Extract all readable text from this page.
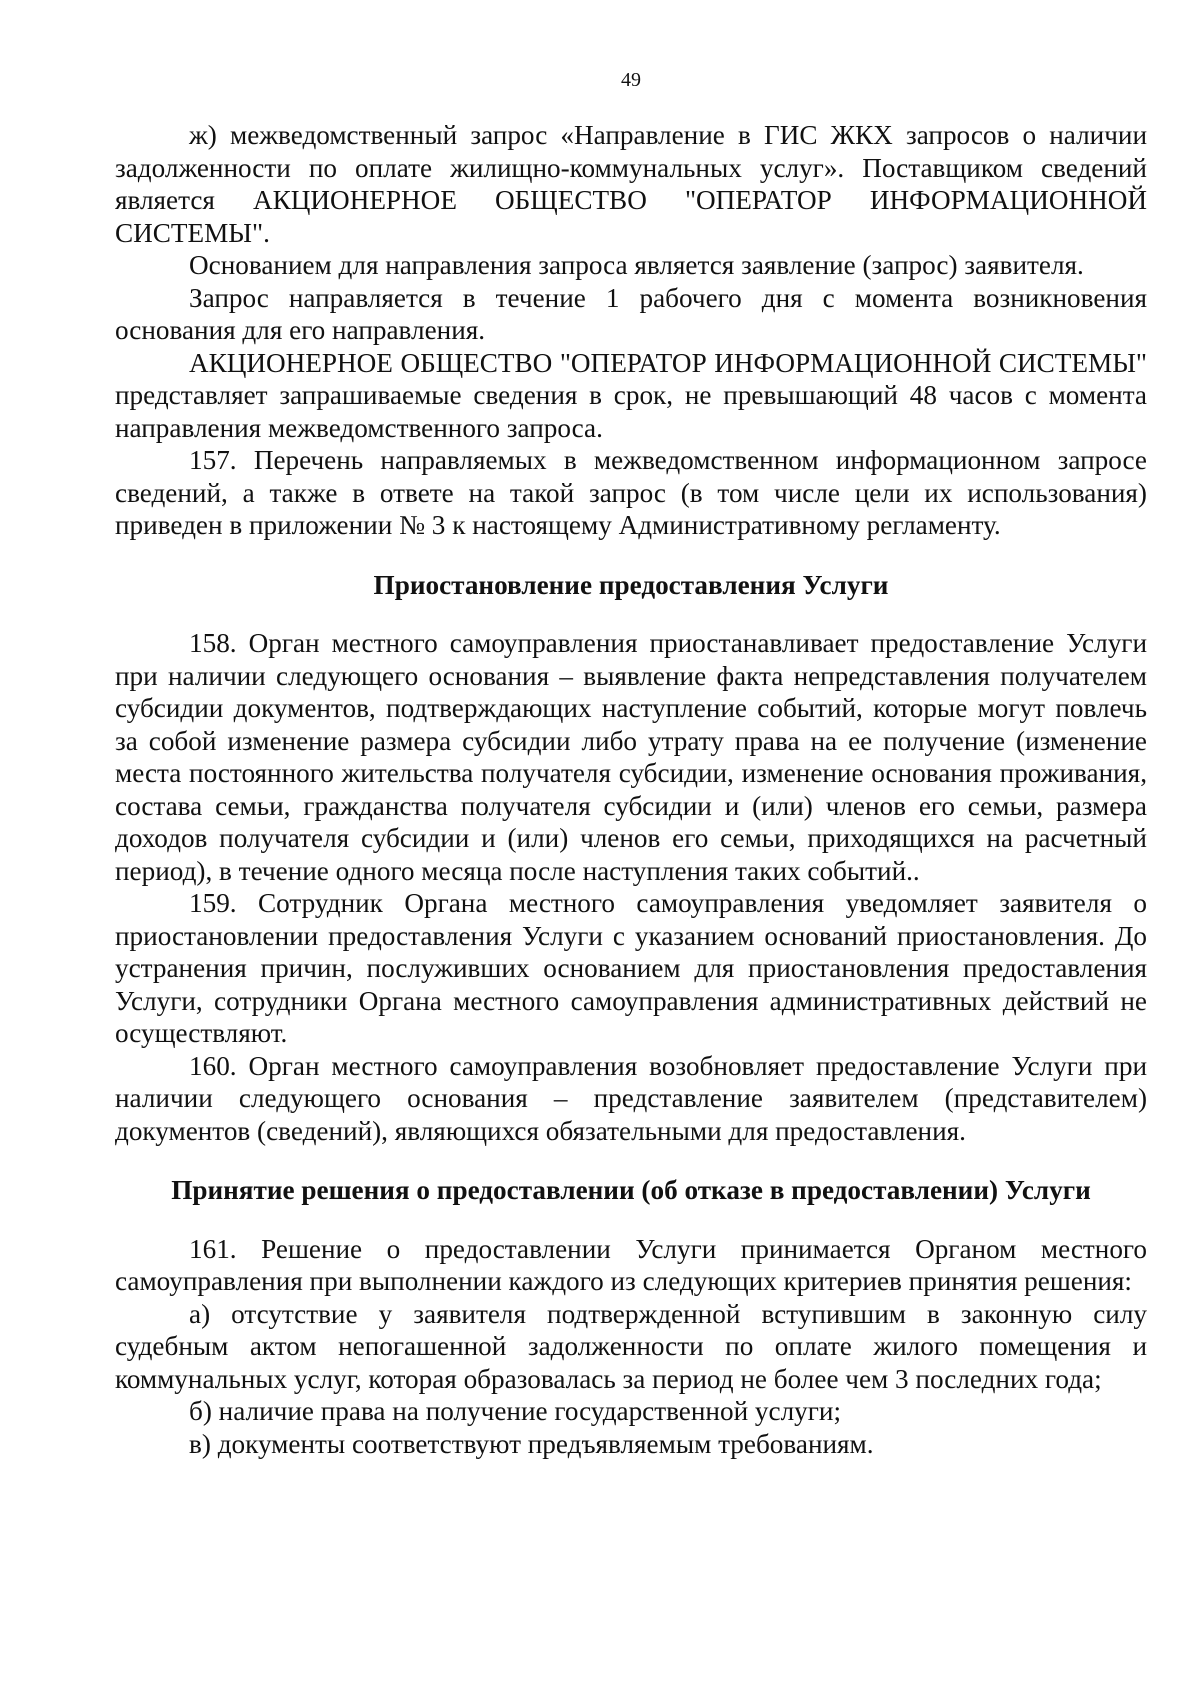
49

ж) межведомственный запрос «Направление в ГИС ЖКХ запросов о наличии задолженности по оплате жилищно-коммунальных услуг». Поставщиком сведений является АКЦИОНЕРНОЕ ОБЩЕСТВО "ОПЕРАТОР ИНФОРМАЦИОННОЙ СИСТЕМЫ".

Основанием для направления запроса является заявление (запрос) заявителя.

Запрос направляется в течение 1 рабочего дня с момента возникновения основания для его направления.

АКЦИОНЕРНОЕ ОБЩЕСТВО "ОПЕРАТОР ИНФОРМАЦИОННОЙ СИСТЕМЫ" представляет запрашиваемые сведения в срок, не превышающий 48 часов с момента направления межведомственного запроса.

157. Перечень направляемых в межведомственном информационном запросе сведений, а также в ответе на такой запрос (в том числе цели их использования) приведен в приложении № 3 к настоящему Административному регламенту.

Приостановление предоставления Услуги

158. Орган местного самоуправления приостанавливает предоставление Услуги при наличии следующего основания – выявление факта непредставления получателем субсидии документов, подтверждающих наступление событий, которые могут повлечь за собой изменение размера субсидии либо утрату права на ее получение (изменение места постоянного жительства получателя субсидии, изменение основания проживания, состава семьи, гражданства получателя субсидии и (или) членов его семьи, размера доходов получателя субсидии и (или) членов его семьи, приходящихся на расчетный период), в течение одного месяца после наступления таких событий..

159. Сотрудник Органа местного самоуправления уведомляет заявителя о приостановлении предоставления Услуги с указанием оснований приостановления. До устранения причин, послуживших основанием для приостановления предоставления Услуги, сотрудники Органа местного самоуправления административных действий не осуществляют.

160. Орган местного самоуправления возобновляет предоставление Услуги при наличии следующего основания – представление заявителем (представителем) документов (сведений), являющихся обязательными для предоставления.

Принятие решения о предоставлении (об отказе в предоставлении) Услуги

161. Решение о предоставлении Услуги принимается Органом местного самоуправления при выполнении каждого из следующих критериев принятия решения:

а) отсутствие у заявителя подтвержденной вступившим в законную силу судебным актом непогашенной задолженности по оплате жилого помещения и коммунальных услуг, которая образовалась за период не более чем 3 последних года;

б) наличие права на получение государственной услуги;

в) документы соответствуют предъявляемым требованиям.
